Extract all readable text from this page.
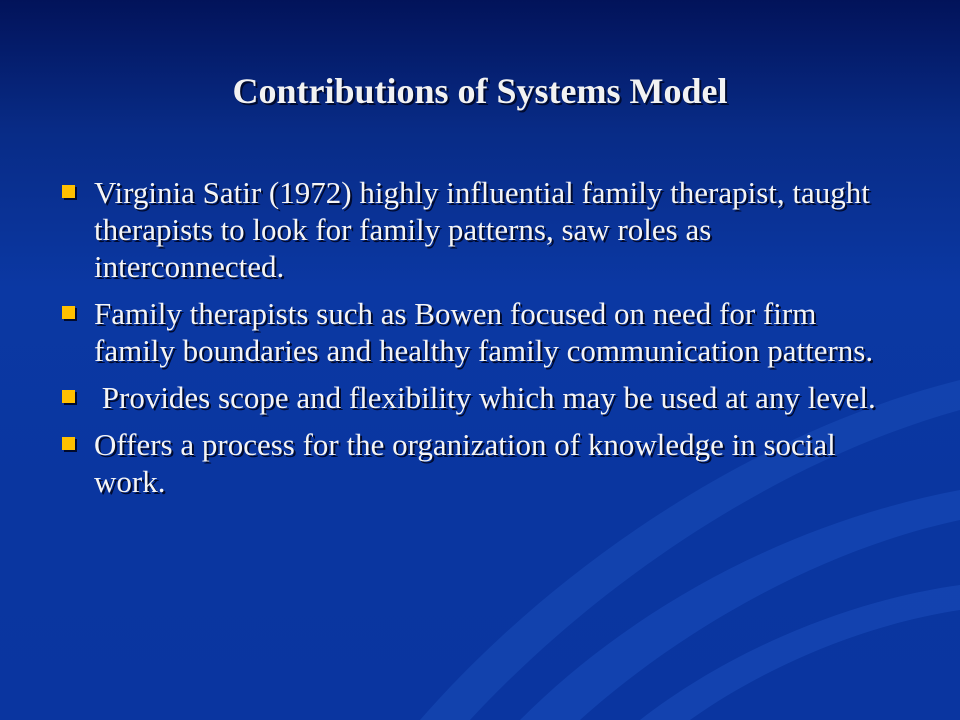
Contributions of Systems Model
Virginia Satir (1972) highly influential family therapist, taught therapists to look for family patterns, saw roles as interconnected.
Family therapists such as Bowen focused on need for firm family boundaries and healthy family communication patterns.
Provides scope and flexibility which may be used at any level.
Offers a process for the organization of knowledge in social work.
